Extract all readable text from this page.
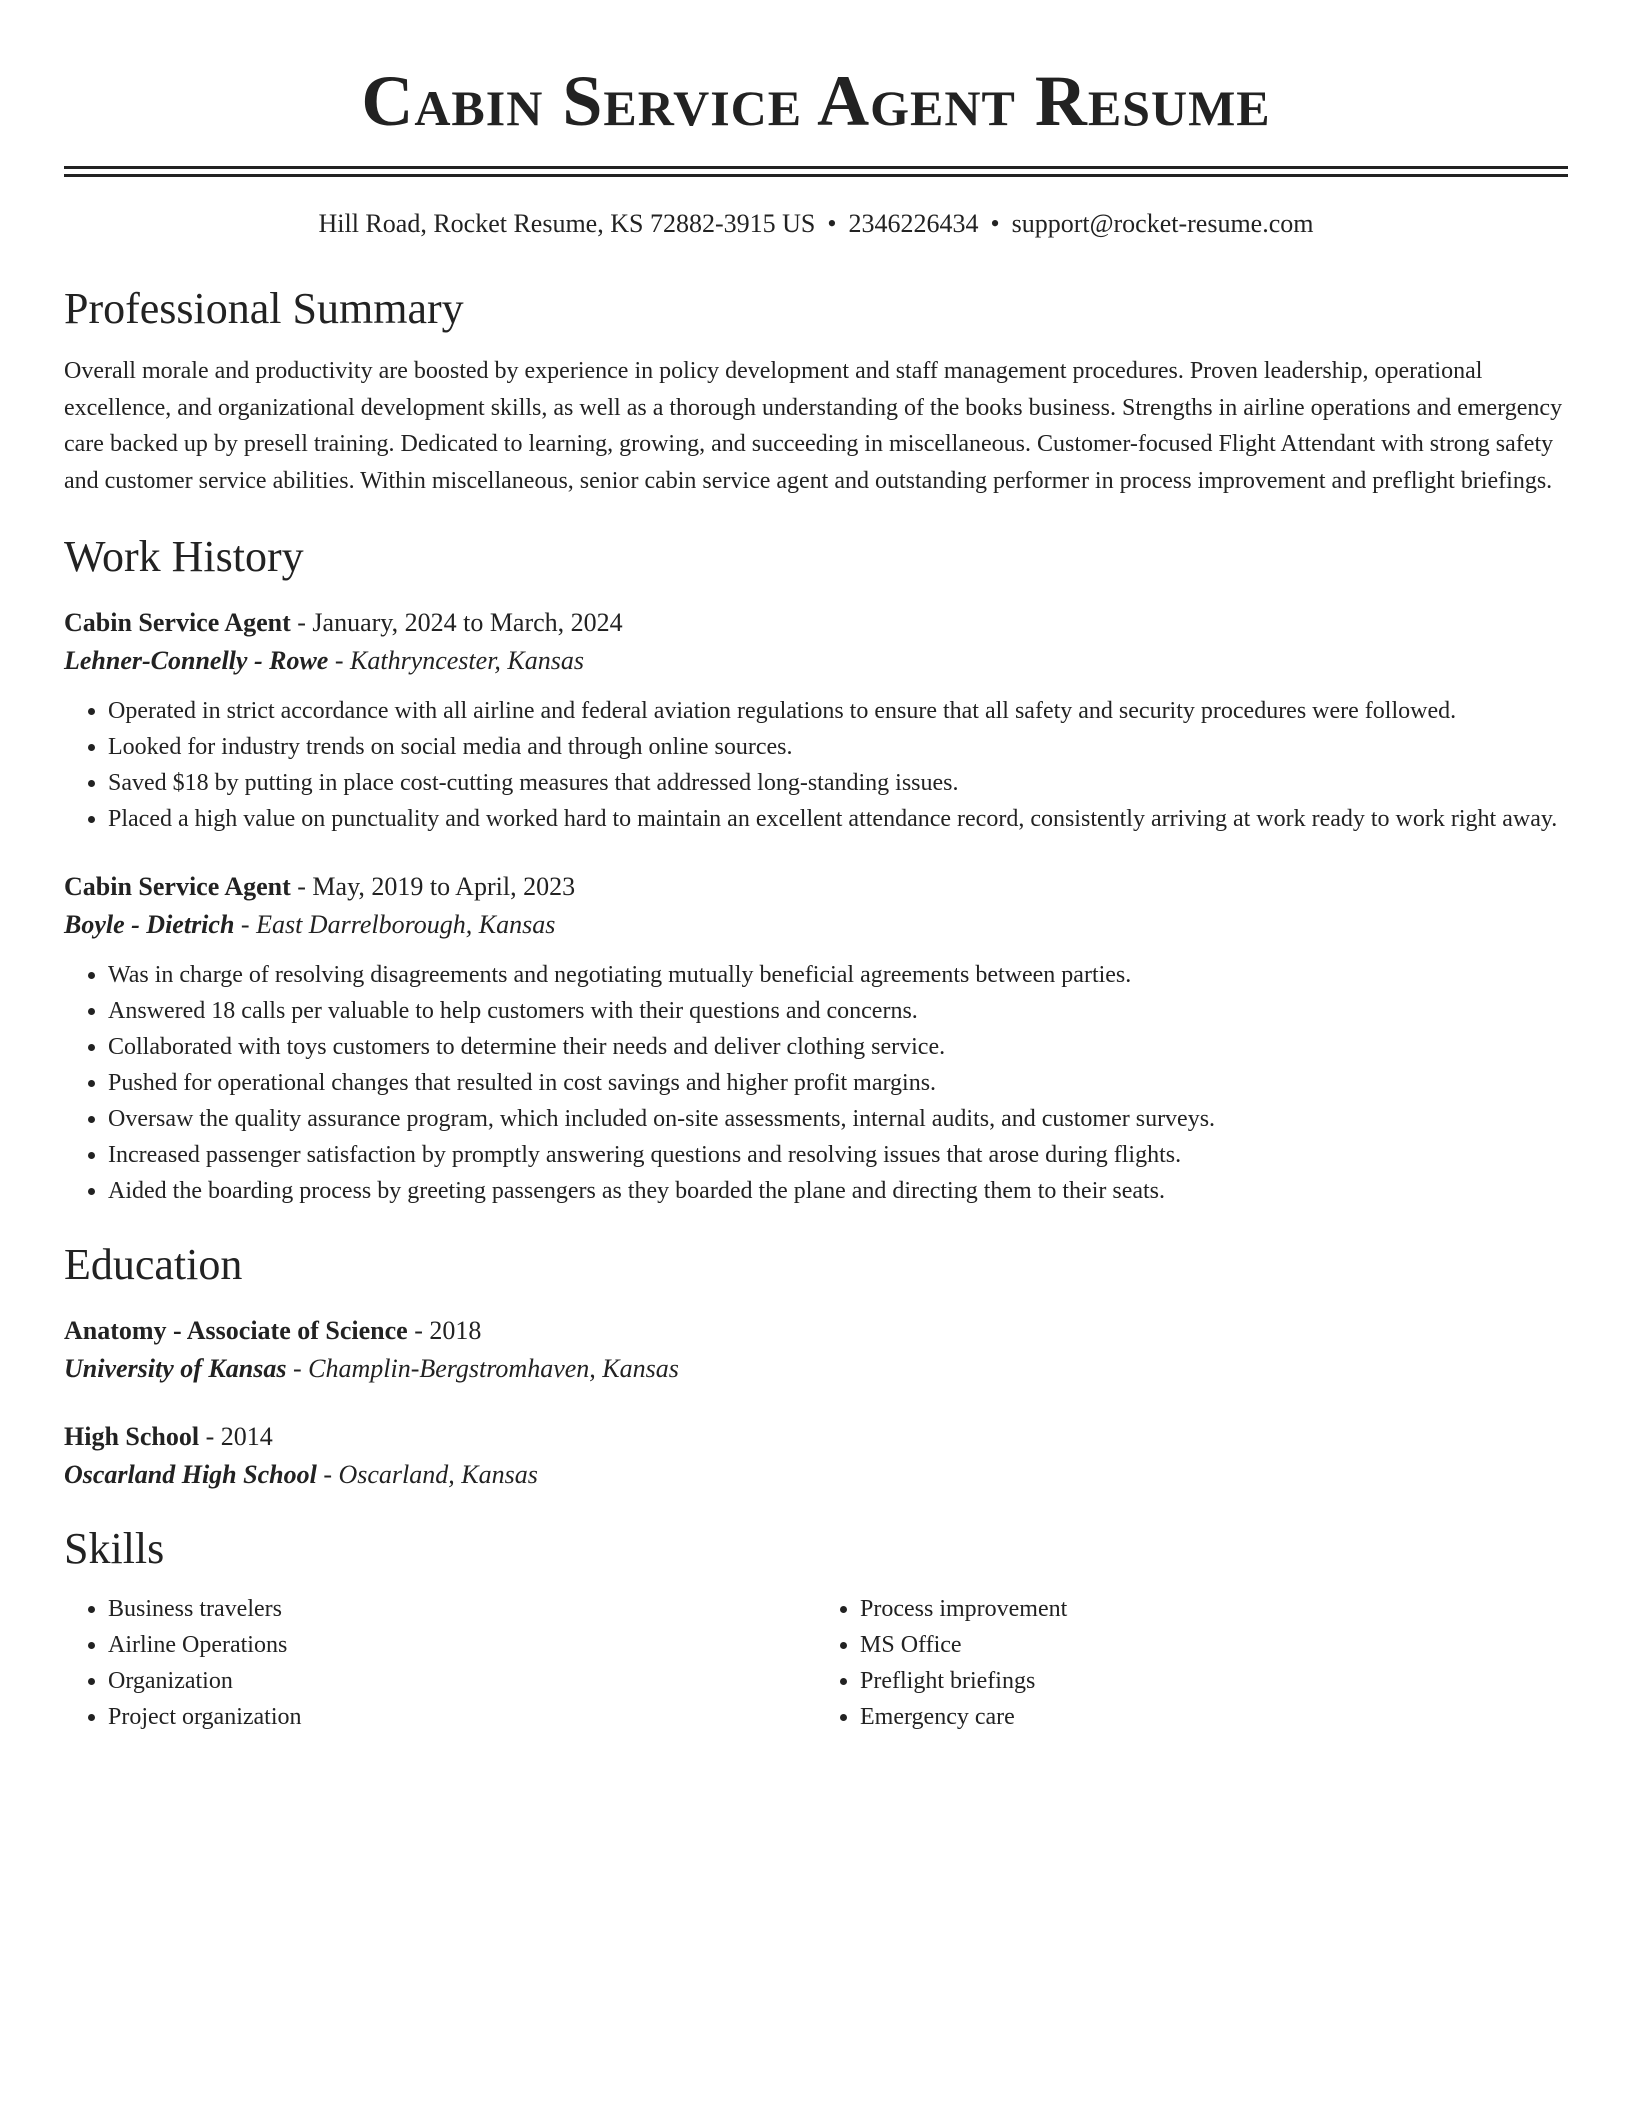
Cabin Service Agent Resume
Hill Road, Rocket Resume, KS 72882-3915 US • 2346226434 • support@rocket-resume.com
Professional Summary

Overall morale and productivity are boosted by experience in policy development and staff management procedures. Proven leadership, operational excellence, and organizational development skills, as well as a thorough understanding of the books business. Strengths in airline operations and emergency care backed up by presell training. Dedicated to learning, growing, and succeeding in miscellaneous. Customer-focused Flight Attendant with strong safety and customer service abilities. Within miscellaneous, senior cabin service agent and outstanding performer in process improvement and preflight briefings.

Work History
Cabin Service Agent - January, 2024 to March, 2024
Lehner-Connelly - Rowe - Kathryncester, Kansas
• Operated in strict accordance with all airline and federal aviation regulations to ensure that all safety and security procedures were followed.
• Looked for industry trends on social media and through online sources.
• Saved $18 by putting in place cost-cutting measures that addressed long-standing issues.
• Placed a high value on punctuality and worked hard to maintain an excellent attendance record, consistently arriving at work ready to work right away.
Cabin Service Agent - May, 2019 to April, 2023
Boyle - Dietrich - East Darrelborough, Kansas
• Was in charge of resolving disagreements and negotiating mutually beneficial agreements between parties.
• Answered 18 calls per valuable to help customers with their questions and concerns.
• Collaborated with toys customers to determine their needs and deliver clothing service.
• Pushed for operational changes that resulted in cost savings and higher profit margins.
• Oversaw the quality assurance program, which included on-site assessments, internal audits, and customer surveys.
• Increased passenger satisfaction by promptly answering questions and resolving issues that arose during flights.
• Aided the boarding process by greeting passengers as they boarded the plane and directing them to their seats.
Education
Anatomy - Associate of Science - 2018
University of Kansas - Champlin-Bergstromhaven, Kansas
High School - 2014
Oscarland High School - Oscarland, Kansas
Skills
• Business travelers
• Airline Operations
• Organization
• Project organization
• Process improvement
• MS Office
• Preflight briefings
• Emergency care
